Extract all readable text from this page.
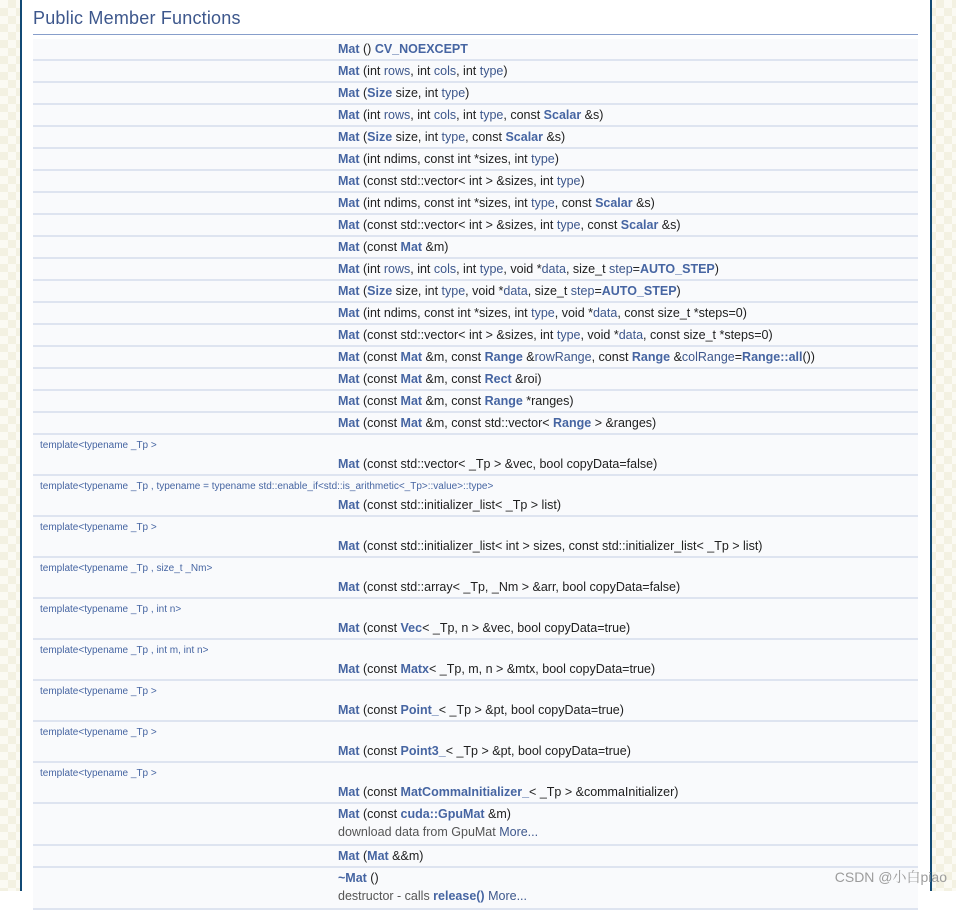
Public Member Functions
	Mat () CV_NOEXCEPT

	Mat (int rows, int cols, int type)

	Mat (Size size, int type)

	Mat (int rows, int cols, int type, const Scalar &s)

	Mat (Size size, int type, const Scalar &s)

	Mat (int ndims, const int *sizes, int type)

	Mat (const std::vector< int > &sizes, int type)

	Mat (int ndims, const int *sizes, int type, const Scalar &s)

	Mat (const std::vector< int > &sizes, int type, const Scalar &s)

	Mat (const Mat &m)

	Mat (int rows, int cols, int type, void *data, size_t step=AUTO_STEP)

	Mat (Size size, int type, void *data, size_t step=AUTO_STEP)

	Mat (int ndims, const int *sizes, int type, void *data, const size_t *steps=0)

	Mat (const std::vector< int > &sizes, int type, void *data, const size_t *steps=0)

	Mat (const Mat &m, const Range &rowRange, const Range &colRange=Range::all())

	Mat (const Mat &m, const Rect &roi)

	Mat (const Mat &m, const Range *ranges)

	Mat (const Mat &m, const std::vector< Range > &ranges)

template<typename _Tp >	
	Mat (const std::vector< _Tp > &vec, bool copyData=false)

template<typename _Tp , typename = typename std::enable_if<std::is_arithmetic<_Tp>::value>::type>	
	Mat (const std::initializer_list< _Tp > list)

template<typename _Tp >	
	Mat (const std::initializer_list< int > sizes, const std::initializer_list< _Tp > list)

template<typename _Tp , size_t _Nm>	
	Mat (const std::array< _Tp, _Nm > &arr, bool copyData=false)

template<typename _Tp , int n>	
	Mat (const Vec< _Tp, n > &vec, bool copyData=true)

template<typename _Tp , int m, int n>	
	Mat (const Matx< _Tp, m, n > &mtx, bool copyData=true)

template<typename _Tp >	
	Mat (const Point_< _Tp > &pt, bool copyData=true)

template<typename _Tp >	
	Mat (const Point3_< _Tp > &pt, bool copyData=true)

template<typename _Tp >	
	Mat (const MatCommaInitializer_< _Tp > &commaInitializer)

	Mat (const cuda::GpuMat &m)
	download data from GpuMat More...

	Mat (Mat &&m)

	~Mat ()
	destructor - calls release() More...

CSDN @小白piao
